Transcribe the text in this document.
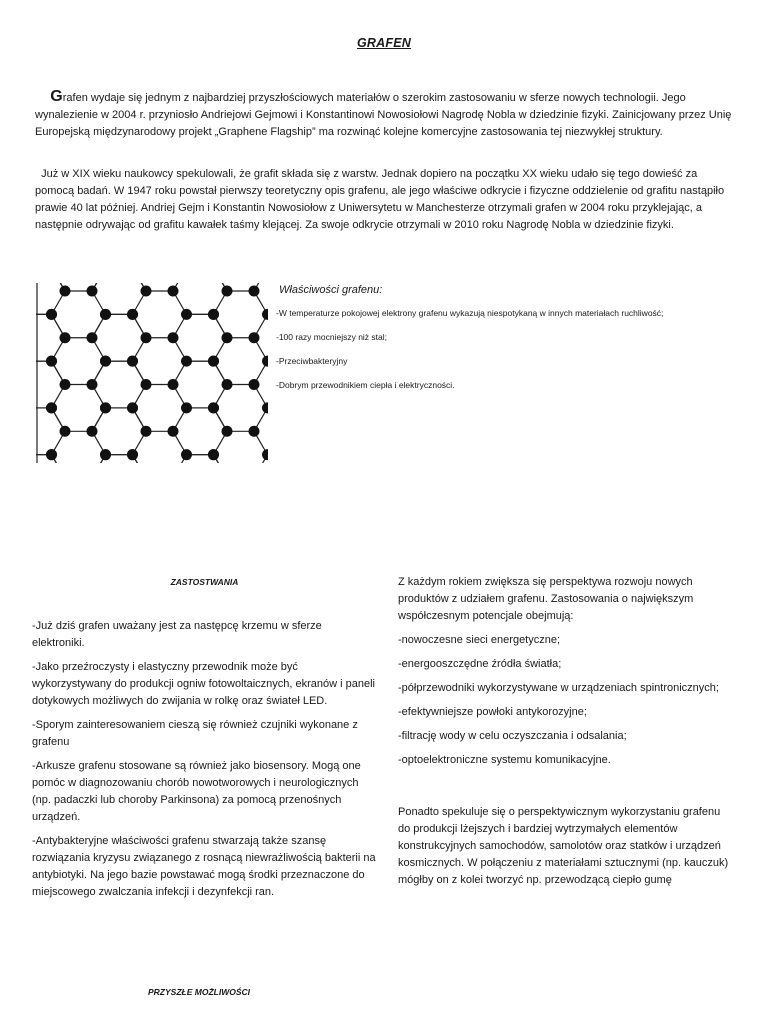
GRAFEN

Grafen wydaje się jednym z najbardziej przyszłościowych materiałów o szerokim zastosowaniu w sferze nowych technologii. Jego wynalezienie w 2004 r. przyniosło Andriejowi Gejmowi i Konstantinowi Nowosiołowi Nagrodę Nobla w dziedzinie fizyki. Zainicjowany przez Unię Europejską międzynarodowy projekt „Graphene Flagship” ma rozwinąć kolejne komercyjne zastosowania tej niezwykłej struktury.

Już w XIX wieku naukowcy spekulowali, że grafit składa się z warstw. Jednak dopiero na początku XX wieku udało się tego dowieść za pomocą badań. W 1947 roku powstał pierwszy teoretyczny opis grafenu, ale jego właściwe odkrycie i fizyczne oddzielenie od grafitu nastąpiło prawie 40 lat później. Andriej Gejm i Konstantin Nowosiołow z Uniwersytetu w Manchesterze otrzymali grafen w 2004 roku przyklejając, a następnie odrywając od grafitu kawałek taśmy klejącej. Za swoje odkrycie otrzymali w 2010 roku Nagrodę Nobla w dziedzinie fizyki.

Właściwości grafenu:
-W temperaturze pokojowej elektrony grafenu wykazują niespotykaną w innych materiałach ruchliwość;
-100 razy mocniejszy niż stal;
-Przeciwbakteryjny
-Dobrym przewodnikiem ciepła i elektryczności.
ZASTOSTWANIA
-Już dziś grafen uważany jest za następcę krzemu w sferze elektroniki.
-Jako przeźroczysty i elastyczny przewodnik może być wykorzystywany do produkcji ogniw fotowoltaicznych, ekranów i paneli dotykowych możliwych do zwijania w rolkę oraz świateł LED.
-Sporym zainteresowaniem cieszą się również czujniki wykonane z grafenu
-Arkusze grafenu stosowane są również jako biosensory. Mogą one pomóc w diagnozowaniu chorób nowotworowych i neurologicznych (np. padaczki lub choroby Parkinsona) za pomocą przenośnych urządzeń.
-Antybakteryjne właściwości grafenu stwarzają także szansę rozwiązania kryzysu związanego z rosnącą niewrażliwością bakterii na antybiotyki. Na jego bazie powstawać mogą środki przeznaczone do miejscowego zwalczania infekcji i dezynfekcji ran.
Z każdym rokiem zwiększa się perspektywa rozwoju nowych produktów z udziałem grafenu. Zastosowania o największym współczesnym potencjale obejmują:
-nowoczesne sieci energetyczne;
-energooszczędne źródła światła;
-półprzewodniki wykorzystywane w urządzeniach spintronicznych;
-efektywniejsze powłoki antykorozyjne;
-filtrację wody w celu oczyszczania i odsalania;
-optoelektroniczne systemu komunikacyjne.
Ponadto spekuluje się o perspektywicznym wykorzystaniu grafenu do produkcji lżejszych i bardziej wytrzymałych elementów konstrukcyjnych samochodów, samolotów oraz statków i urządzeń kosmicznych. W połączeniu z materiałami sztucznymi (np. kauczuk) mógłby on z kolei tworzyć np. przewodzącą ciepło gumę
PRZYSZŁE MOŻLIWOŚCI
